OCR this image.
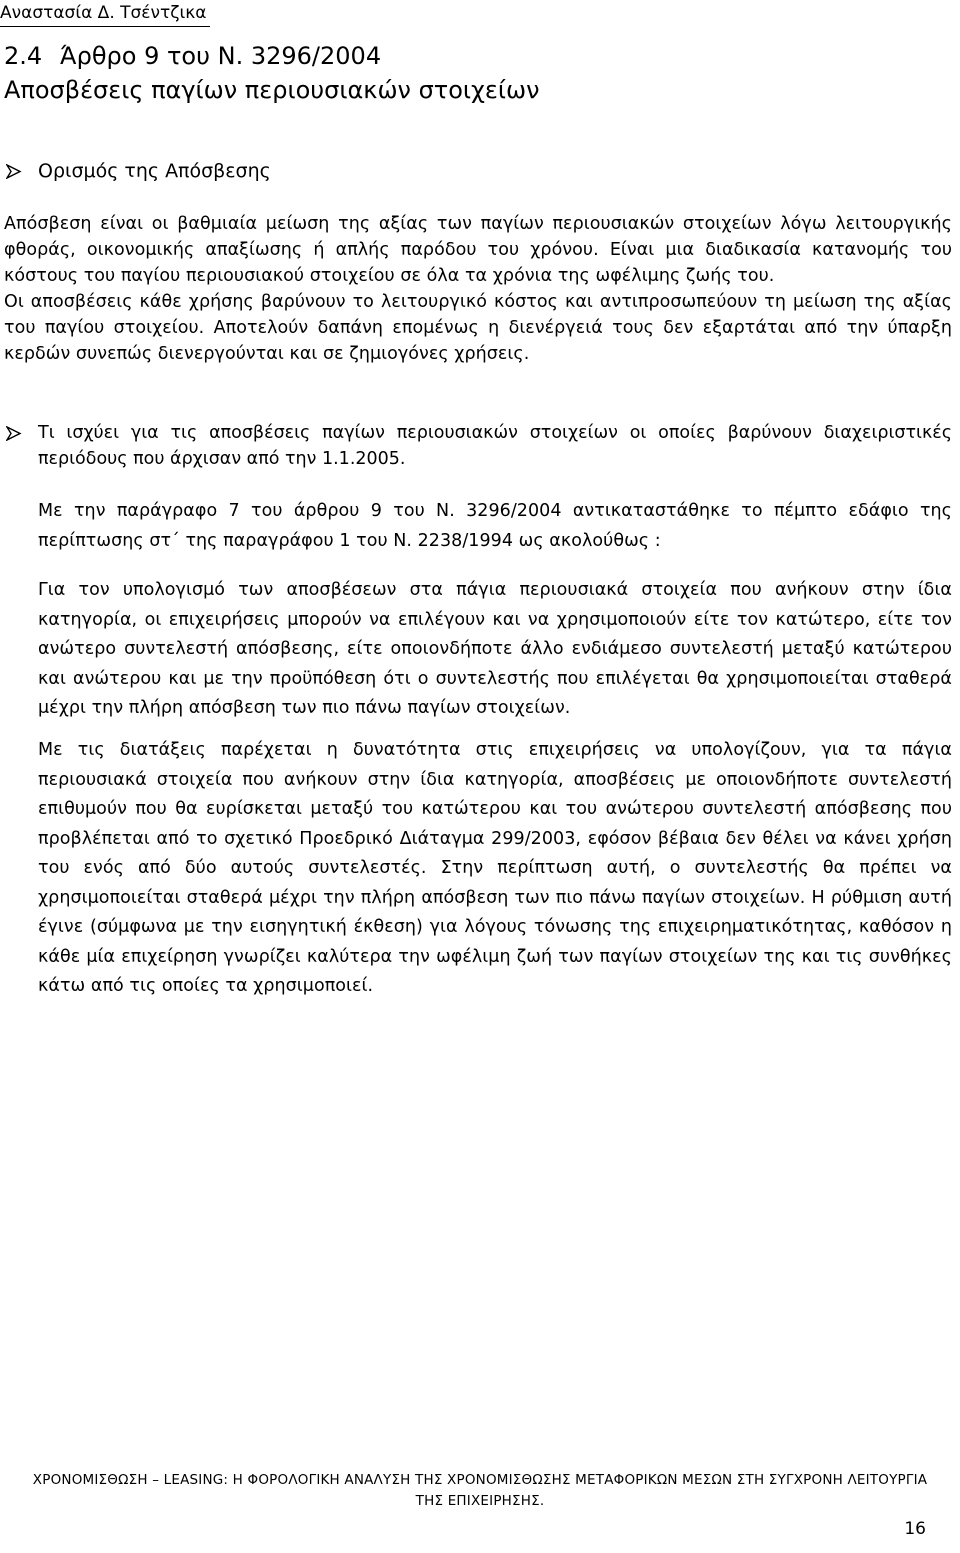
Αναστασία Δ. Τσέντζικα
2.4 Άρθρο 9 του Ν. 3296/2004
Αποσβέσεις παγίων περιουσιακών στοιχείων
Ορισμός της Απόσβεσης

Απόσβεση είναι οι βαθμιαία μείωση της αξίας των παγίων περιουσιακών στοιχείων λόγω λειτουργικής φθοράς, οικονομικής απαξίωσης ή απλής παρόδου του χρόνου. Είναι μια διαδικασία κατανομής του κόστους του παγίου περιουσιακού στοιχείου σε όλα τα χρόνια της ωφέλιμης ζωής του.

Οι αποσβέσεις κάθε χρήσης βαρύνουν το λειτουργικό κόστος και αντιπροσωπεύουν τη μείωση της αξίας του παγίου στοιχείου. Αποτελούν δαπάνη επομένως η διενέργειά τους δεν εξαρτάται από την ύπαρξη κερδών συνεπώς διενεργούνται και σε ζημιογόνες χρήσεις.

Τι ισχύει για τις αποσβέσεις παγίων περιουσιακών στοιχείων οι οποίες βαρύνουν διαχειριστικές περιόδους που άρχισαν από την 1.1.2005.
Με την παράγραφο 7 του άρθρου 9 του Ν. 3296/2004 αντικαταστάθηκε το πέμπτο εδάφιο της περίπτωσης στ΄ της παραγράφου 1 του Ν. 2238/1994 ως ακολούθως :
Για τον υπολογισμό των αποσβέσεων στα πάγια περιουσιακά στοιχεία που ανήκουν στην ίδια κατηγορία, οι επιχειρήσεις μπορούν να επιλέγουν και να χρησιμοποιούν είτε τον κατώτερο, είτε τον ανώτερο συντελεστή απόσβεσης, είτε οποιονδήποτε άλλο ενδιάμεσο συντελεστή μεταξύ κατώτερου και ανώτερου και με την προϋπόθεση ότι ο συντελεστής που επιλέγεται θα χρησιμοποιείται σταθερά μέχρι την πλήρη απόσβεση των πιο πάνω παγίων στοιχείων.
Με τις διατάξεις παρέχεται η δυνατότητα στις επιχειρήσεις να υπολογίζουν, για τα πάγια περιουσιακά στοιχεία που ανήκουν στην ίδια κατηγορία, αποσβέσεις με οποιονδήποτε συντελεστή επιθυμούν που θα ευρίσκεται μεταξύ του κατώτερου και του ανώτερου συντελεστή απόσβεσης που προβλέπεται από το σχετικό Προεδρικό Διάταγμα 299/2003, εφόσον βέβαια δεν θέλει να κάνει χρήση του ενός από δύο αυτούς συντελεστές. Στην περίπτωση αυτή, ο συντελεστής θα πρέπει να χρησιμοποιείται σταθερά μέχρι την πλήρη απόσβεση των πιο πάνω παγίων στοιχείων. Η ρύθμιση αυτή έγινε (σύμφωνα με την εισηγητική έκθεση) για λόγους τόνωσης της επιχειρηματικότητας, καθόσον η κάθε μία επιχείρηση γνωρίζει καλύτερα την ωφέλιμη ζωή των παγίων στοιχείων της και τις συνθήκες κάτω από τις οποίες τα χρησιμοποιεί.
ΧΡΟΝΟΜΙΣΘΩΣΗ – LEASING: Η ΦΟΡΟΛΟΓΙΚΗ ΑΝΑΛΥΣΗ ΤΗΣ ΧΡΟΝΟΜΙΣΘΩΣΗΣ ΜΕΤΑΦΟΡΙΚΩΝ ΜΕΣΩΝ ΣΤΗ ΣΥΓΧΡΟΝΗ ΛΕΙΤΟΥΡΓΙΑ
ΤΗΣ ΕΠΙΧΕΙΡΗΣΗΣ.
16
